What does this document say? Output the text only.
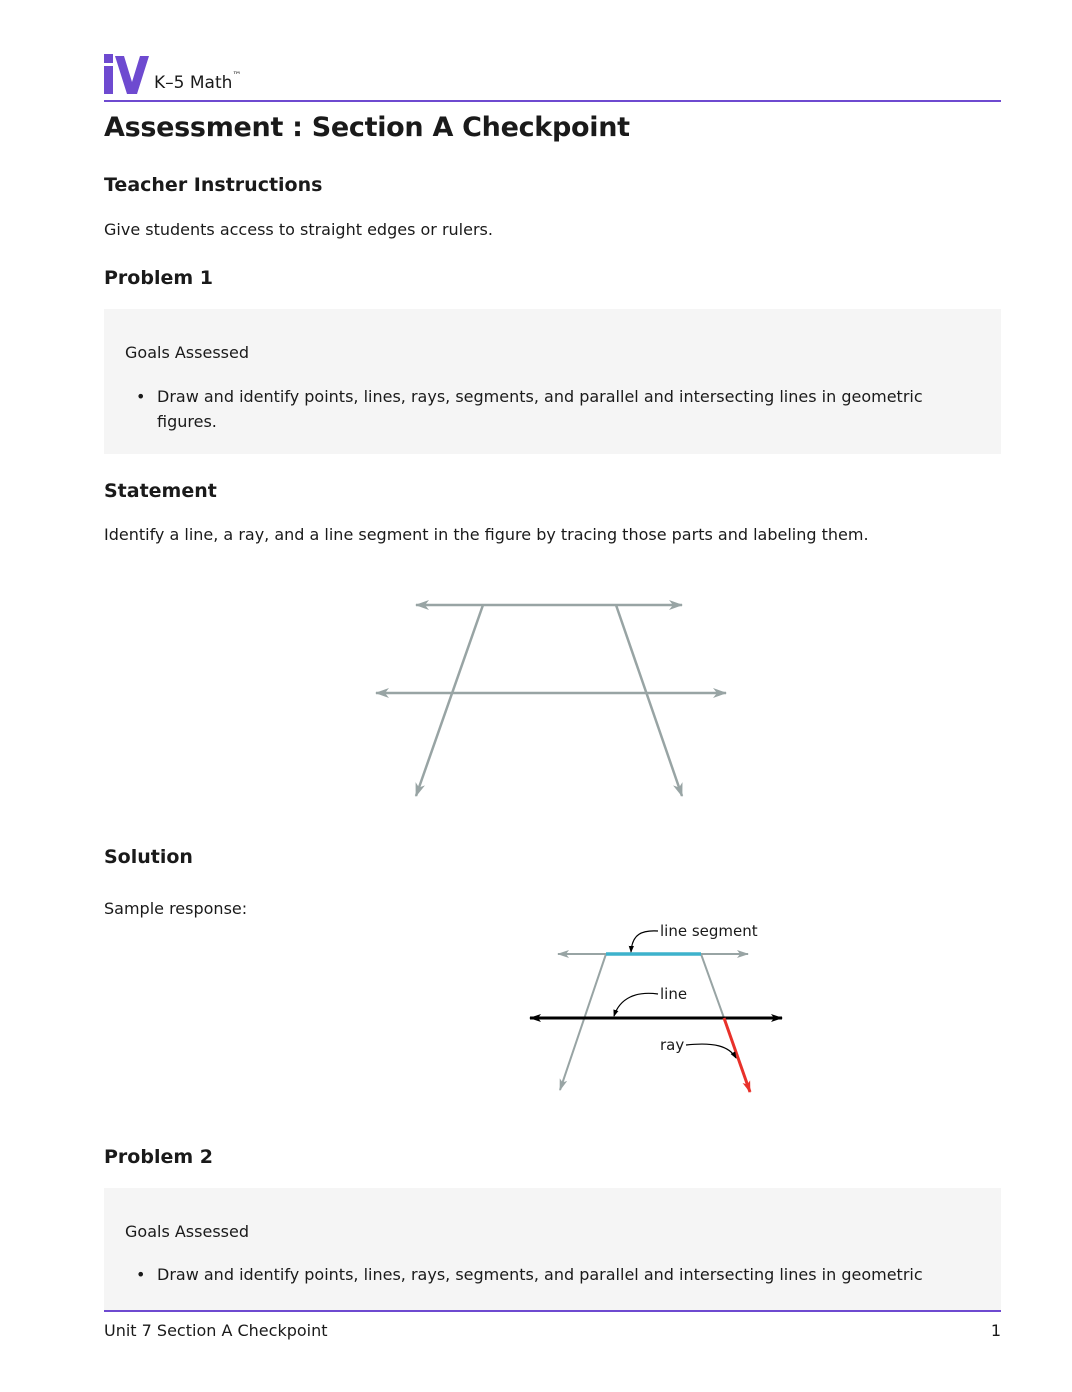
K–5 Math™
Assessment : Section A Checkpoint
Teacher Instructions

Give students access to straight edges or rulers.

Problem 1
Goals Assessed
• Draw and identify points, lines, rays, segments, and parallel and intersecting lines in geometric figures.
Statement

Identify a line, a ray, and a line segment in the figure by tracing those parts and labeling them.

Solution

Sample response:

line segment
line
ray
Problem 2
Goals Assessed
• Draw and identify points, lines, rays, segments, and parallel and intersecting lines in geometric
Unit 7 Section A Checkpoint	1
